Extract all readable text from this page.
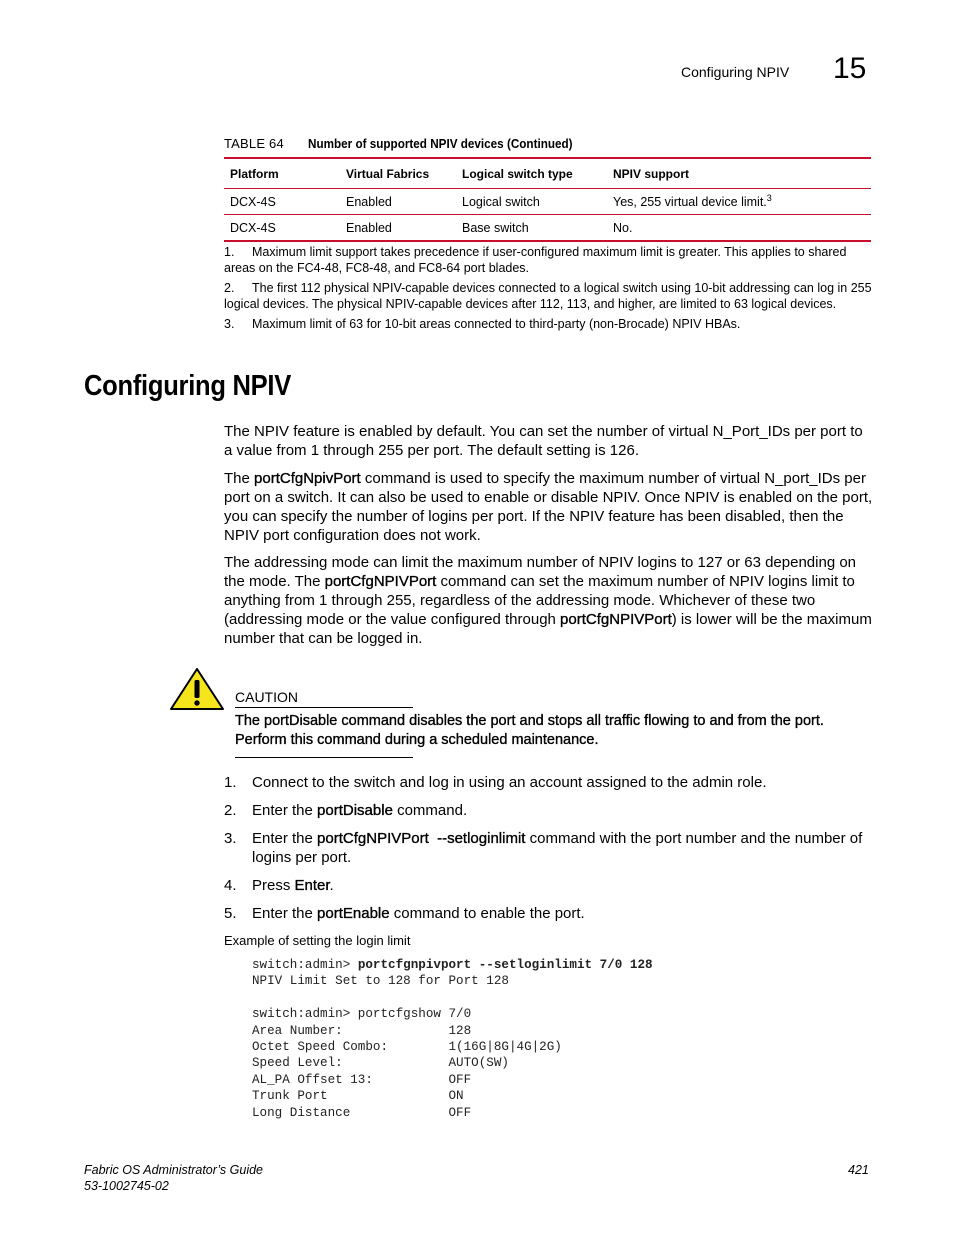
Configuring NPIV 15
TABLE 64 Number of supported NPIV devices (Continued)
Platform	Virtual Fabrics	Logical switch type	NPIV support
DCX-4S	Enabled	Logical switch	Yes, 255 virtual device limit.$^3$
DCX-4S	Enabled	Base switch	No.
1. Maximum limit support takes precedence if user-configured maximum limit is greater. This applies to shared areas on the FC4-48, FC8-48, and FC8-64 port blades.
2. The first 112 physical NPIV-capable devices connected to a logical switch using 10-bit addressing can log in 255 logical devices. The physical NPIV-capable devices after 112, 113, and higher, are limited to 63 logical devices.
3. Maximum limit of 63 for 10-bit areas connected to third-party (non-Brocade) NPIV HBAs.
Configuring NPIV
The NPIV feature is enabled by default. You can set the number of virtual N_Port_IDs per port to a value from 1 through 255 per port. The default setting is 126.
The portCfgNpivPort command is used to specify the maximum number of virtual N_port_IDs per port on a switch. It can also be used to enable or disable NPIV. Once NPIV is enabled on the port, you can specify the number of logins per port. If the NPIV feature has been disabled, then the NPIV port configuration does not work.
The addressing mode can limit the maximum number of NPIV logins to 127 or 63 depending on the mode. The portCfgNPIVPort command can set the maximum number of NPIV logins limit to anything from 1 through 255, regardless of the addressing mode. Whichever of these two (addressing mode or the value configured through portCfgNPIVPort) is lower will be the maximum number that can be logged in.
CAUTION
The portDisable command disables the port and stops all traffic flowing to and from the port. Perform this command during a scheduled maintenance.
1. Connect to the switch and log in using an account assigned to the admin role.
2. Enter the portDisable command.
3. Enter the portCfgNPIVPort  --setloginlimit command with the port number and the number of logins per port.
4. Press Enter.
5. Enter the portEnable command to enable the port.
Example of setting the login limit
switch:admin> portcfgnpivport --setloginlimit 7/0 128
NPIV Limit Set to 128 for Port 128

switch:admin> portcfgshow 7/0
Area Number:              128
Octet Speed Combo:        1(16G|8G|4G|2G)
Speed Level:              AUTO(SW)
AL_PA Offset 13:          OFF
Trunk Port                ON
Long Distance             OFF
Fabric OS Administrator’s Guide
53-1002745-02
421
